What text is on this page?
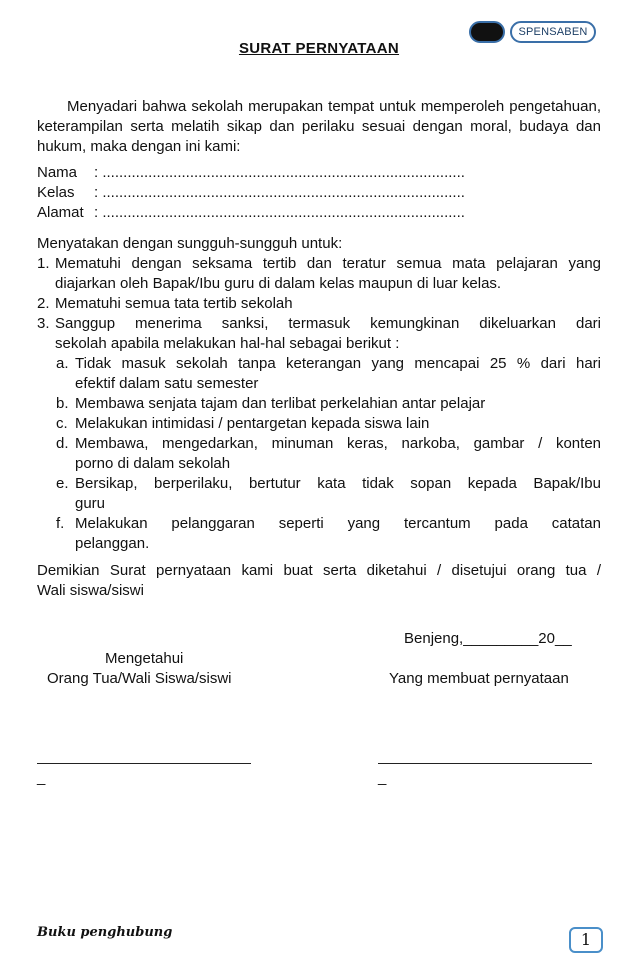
SPENSABEN
SURAT PERNYATAAN
Menyadari bahwa sekolah merupakan tempat untuk memperoleh pengetahuan, keterampilan serta melatih sikap dan perilaku sesuai dengan moral, budaya dan hukum, maka dengan ini kami:
Nama : .......................................................................................
Kelas : .......................................................................................
Alamat : .......................................................................................
Menyatakan dengan sungguh-sungguh untuk:
1. Mematuhi dengan seksama tertib dan teratur semua mata pelajaran yang
diajarkan oleh Bapak/Ibu guru di dalam kelas maupun di luar kelas.
2. Mematuhi semua tata tertib sekolah
3. Sanggup menerima sanksi, termasuk kemungkinan dikeluarkan dari
sekolah apabila melakukan hal-hal sebagai berikut :
a. Tidak masuk sekolah tanpa keterangan yang mencapai 25 % dari hari
efektif dalam satu semester
b. Membawa senjata tajam dan terlibat perkelahian antar pelajar
c. Melakukan intimidasi / pentargetan kepada siswa lain
d. Membawa, mengedarkan, minuman keras, narkoba, gambar / konten
porno di dalam sekolah
e. Bersikap, berperilaku, bertutur kata tidak sopan kepada Bapak/Ibu
guru
f. Melakukan pelanggaran seperti yang tercantum pada catatan
pelanggan.
Demikian Surat pernyataan kami buat serta diketahui / disetujui orang tua /
Wali siswa/siswi
Benjeng,_________20__
Mengetahui
Orang Tua/Wali Siswa/siswi	Yang membuat pernyataan
_	_
Buku penghubung	1
